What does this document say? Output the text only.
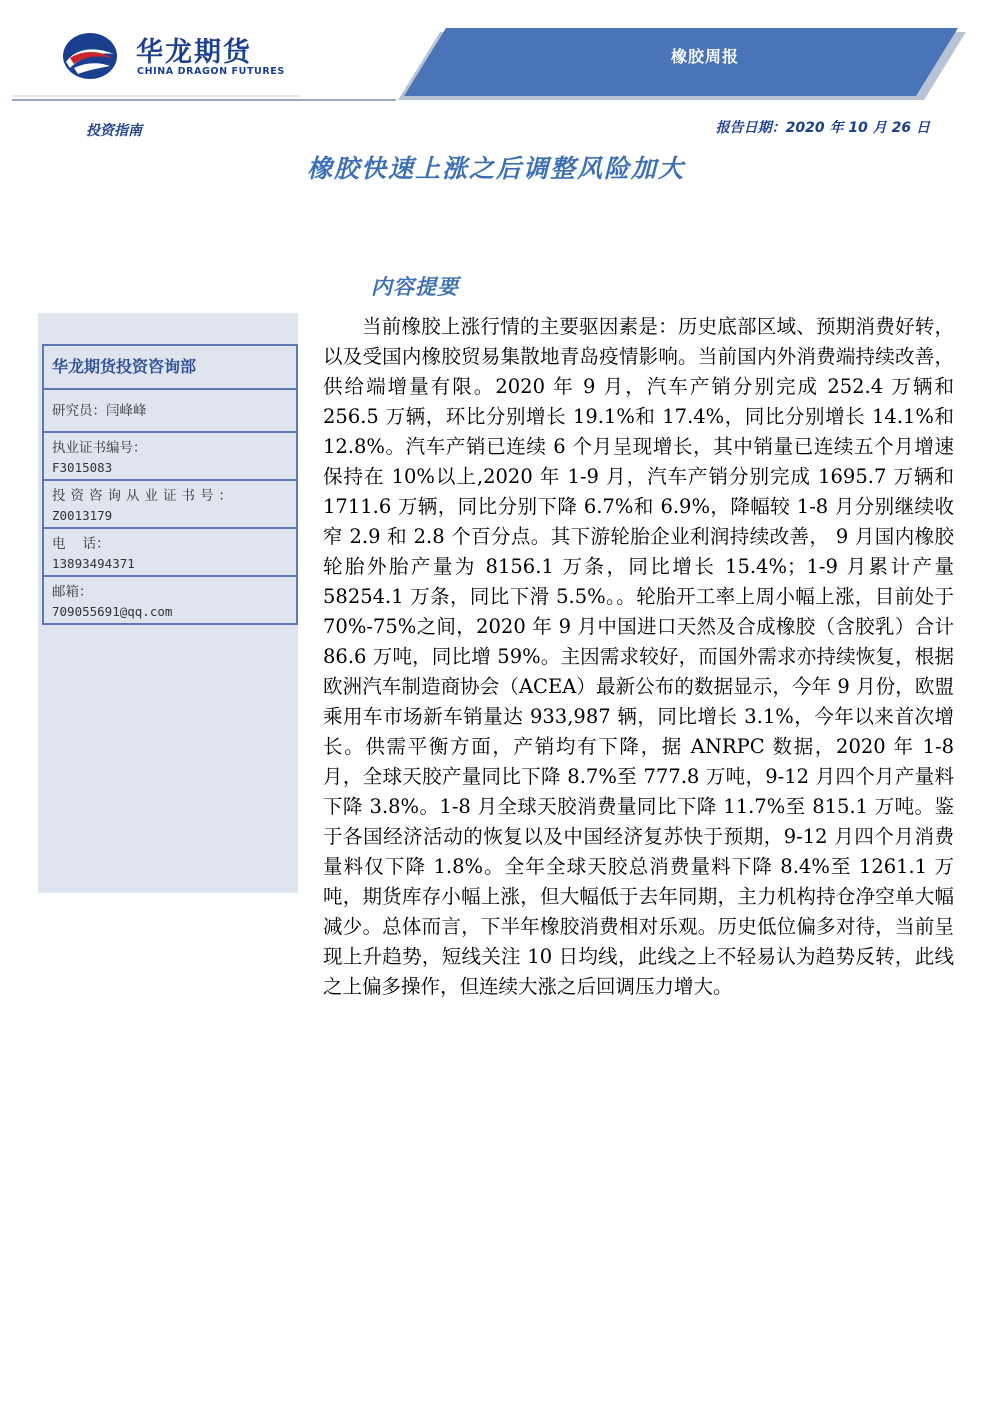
华龙期货
CHINA DRAGON FUTURES
橡胶周报
投资指南	报告日期：2020 年 10 月 26 日
橡胶快速上涨之后调整风险加大
内容提要
华龙期货投资咨询部
研究员：闫峰峰
执业证书编号：
F3015083
投资咨询从业证书号：
Z0013179
电    话：
13893494371
邮箱：
709055691@qq.com

当前橡胶上涨行情的主要驱因素是：历史底部区域、预期消费好转，以及受国内橡胶贸易集散地青岛疫情影响。当前国内外消费端持续改善，供给端增量有限。2020 年 9 月，汽车产销分别完成 252.4 万辆和 256.5 万辆，环比分别增长 19.1%和 17.4%，同比分别增长 14.1%和 12.8%。汽车产销已连续 6 个月呈现增长，其中销量已连续五个月增速保持在 10%以上,2020 年 1-9 月，汽车产销分别完成 1695.7 万辆和 1711.6 万辆，同比分别下降 6.7%和 6.9%，降幅较 1-8 月分别继续收窄 2.9 和 2.8 个百分点。其下游轮胎企业利润持续改善， 9 月国内橡胶轮胎外胎产量为 8156.1 万条，同比增长 15.4%；1-9 月累计产量 58254.1 万条，同比下滑 5.5%。。轮胎开工率上周小幅上涨，目前处于 70%-75%之间，2020 年 9 月中国进口天然及合成橡胶（含胶乳）合计 86.6 万吨，同比增 59%。主因需求较好，而国外需求亦持续恢复，根据欧洲汽车制造商协会（ACEA）最新公布的数据显示，今年 9 月份，欧盟乘用车市场新车销量达 933,987 辆，同比增长 3.1%，今年以来首次增长。供需平衡方面，产销均有下降，据 ANRPC 数据，2020 年 1-8 月，全球天胶产量同比下降 8.7%至 777.8 万吨，9-12 月四个月产量料下降 3.8%。1-8 月全球天胶消费量同比下降 11.7%至 815.1 万吨。鉴于各国经济活动的恢复以及中国经济复苏快于预期，9-12 月四个月消费量料仅下降 1.8%。全年全球天胶总消费量料下降 8.4%至 1261.1 万吨，期货库存小幅上涨，但大幅低于去年同期，主力机构持仓净空单大幅减少。总体而言，下半年橡胶消费相对乐观。历史低位偏多对待，当前呈现上升趋势，短线关注 10 日均线，此线之上不轻易认为趋势反转，此线之上偏多操作，但连续大涨之后回调压力增大。
